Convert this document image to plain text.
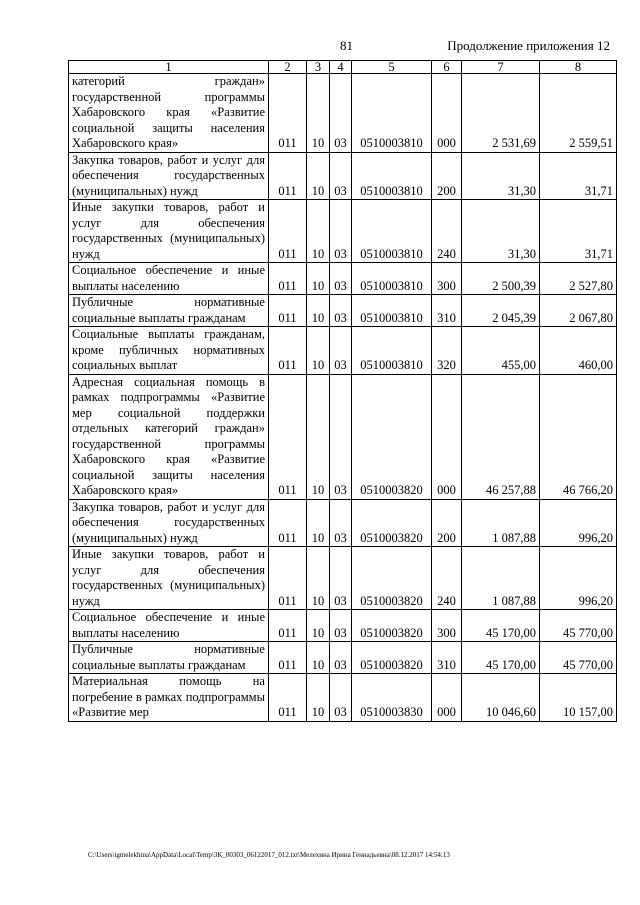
81	Продолжение приложения 12
1	2	3	4	5	6	7	8
категорий граждан» государственной программы Хабаровского края «Развитие социальной защиты населения Хабаровского края»	011	10	03	0510003810	000	2 531,69	2 559,51
Закупка товаров, работ и услуг для обеспечения государственных (муниципальных) нужд	011	10	03	0510003810	200	31,30	31,71
Иные закупки товаров, работ и услуг для обеспечения государственных (муниципальных) нужд	011	10	03	0510003810	240	31,30	31,71
Социальное обеспечение и иные выплаты населению	011	10	03	0510003810	300	2 500,39	2 527,80
Публичные нормативные социальные выплаты гражданам	011	10	03	0510003810	310	2 045,39	2 067,80
Социальные выплаты гражданам, кроме публичных нормативных социальных выплат	011	10	03	0510003810	320	455,00	460,00
Адресная социальная помощь в рамках подпрограммы «Развитие мер социальной поддержки отдельных категорий граждан» государственной программы Хабаровского края «Развитие социальной защиты населения Хабаровского края»	011	10	03	0510003820	000	46 257,88	46 766,20
Закупка товаров, работ и услуг для обеспечения государственных (муниципальных) нужд	011	10	03	0510003820	200	1 087,88	996,20
Иные закупки товаров, работ и услуг для обеспечения государственных (муниципальных) нужд	011	10	03	0510003820	240	1 087,88	996,20
Социальное обеспечение и иные выплаты населению	011	10	03	0510003820	300	45 170,00	45 770,00
Публичные нормативные социальные выплаты гражданам	011	10	03	0510003820	310	45 170,00	45 770,00
Материальная помощь на погребение в рамках подпрограммы «Развитие мер	011	10	03	0510003830	000	10 046,60	10 157,00
C:\Users\igmelekhina\AppData\Local\Temp\3K_00303_06122017_012.txt\Мелехина Ирина Геннадьевна\08.12.2017 14:54:13
